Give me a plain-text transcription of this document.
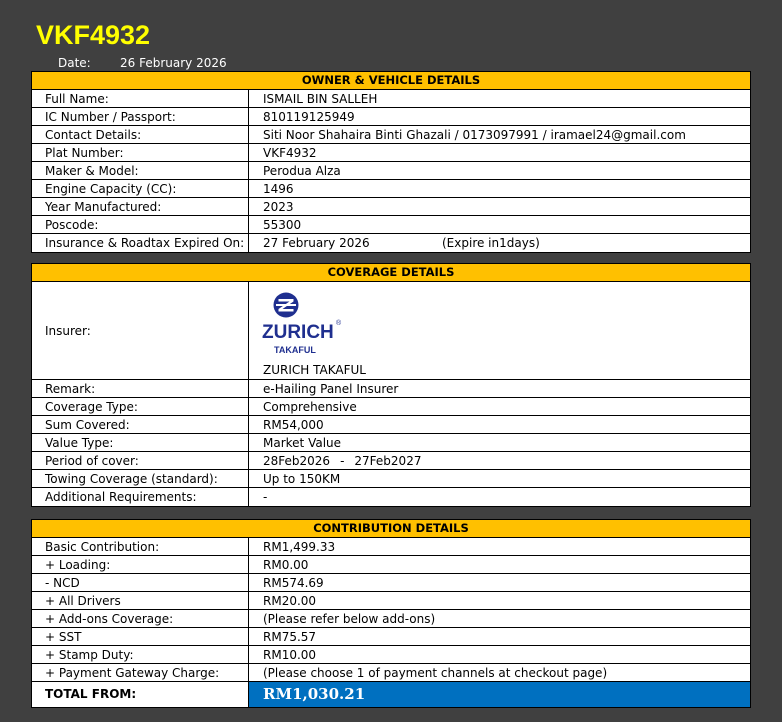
VKF4932
Date: 26 February 2026
OWNER & VEHICLE DETAILS
Full Name:	ISMAIL BIN SALLEH
IC Number / Passport:	810119125949
Contact Details:	Siti Noor Shahaira Binti Ghazali / 0173097991 / iramael24@gmail.com
Plat Number:	VKF4932
Maker & Model:	Perodua Alza
Engine Capacity (CC):	1496
Year Manufactured:	2023
Poscode:	55300
Insurance & Roadtax Expired On:	27 February 2026	(Expire in1days)
COVERAGE DETAILS
Insurer:	ZURICH ®
TAKAFUL
ZURICH TAKAFUL
Remark:	e-Hailing Panel Insurer
Coverage Type:	Comprehensive
Sum Covered:	RM54,000
Value Type:	Market Value
Period of cover:	28Feb2026 - 27Feb2027
Towing Coverage (standard):	Up to 150KM
Additional Requirements:	-
CONTRIBUTION DETAILS
Basic Contribution:	RM1,499.33
+ Loading:	RM0.00
- NCD	RM574.69
+ All Drivers	RM20.00
+ Add-ons Coverage:	(Please refer below add-ons)
+ SST	RM75.57
+ Stamp Duty:	RM10.00
+ Payment Gateway Charge:	(Please choose 1 of payment channels at checkout page)
TOTAL FROM:	RM1,030.21
